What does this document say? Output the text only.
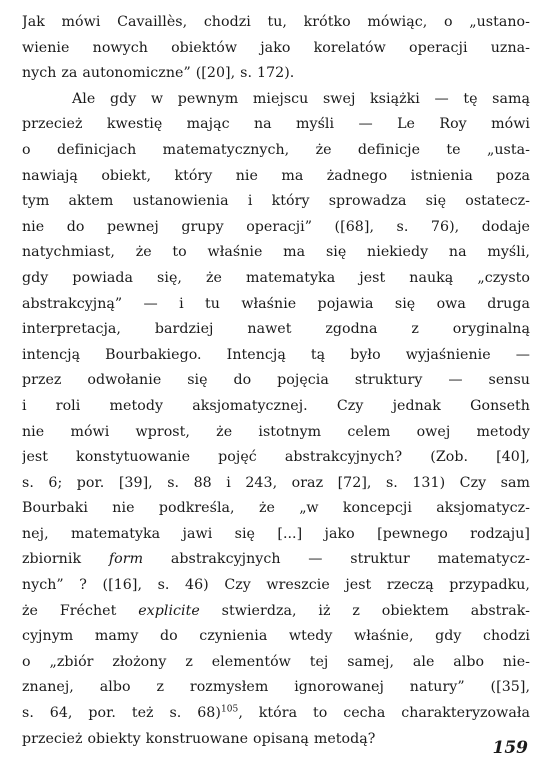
Jak mówi Cavaillès, chodzi tu, krótko mówiąc, o „ustano-
wienie nowych obiektów jako korelatów operacji uzna-
nych za autonomiczne” ([20], s. 172).

Ale gdy w pewnym miejscu swej książki — tę samą
przecież kwestię mając na myśli — Le Roy mówi
o definicjach matematycznych, że definicje te „usta-
nawiają obiekt, który nie ma żadnego istnienia poza
tym aktem ustanowienia i który sprowadza się ostatecz-
nie do pewnej grupy operacji” ([68], s. 76), dodaje
natychmiast, że to właśnie ma się niekiedy na myśli,
gdy powiada się, że matematyka jest nauką „czysto
abstrakcyjną” — i tu właśnie pojawia się owa druga
interpretacja, bardziej nawet zgodna z oryginalną
intencją Bourbakiego. Intencją tą było wyjaśnienie —
przez odwołanie się do pojęcia struktury — sensu
i roli metody aksjomatycznej. Czy jednak Gonseth
nie mówi wprost, że istotnym celem owej metody
jest konstytuowanie pojęć abstrakcyjnych? (Zob. [40],
s. 6; por. [39], s. 88 i 243, oraz [72], s. 131) Czy sam
Bourbaki nie podkreśla, że „w koncepcji aksjomatycz-
nej, matematyka jawi się [...] jako [pewnego rodzaju]
zbiornik form abstrakcyjnych — struktur matematycz-
nych” ? ([16], s. 46) Czy wreszcie jest rzeczą przypadku,
że Fréchet explicite stwierdza, iż z obiektem abstrak-
cyjnym mamy do czynienia wtedy właśnie, gdy chodzi
o „zbiór złożony z elementów tej samej, ale albo nie-
znanej, albo z rozmysłem ignorowanej natury” ([35],
s. 64, por. też s. 68)$^{105}$, która to cecha charakteryzowała
przecież obiekty konstruowane opisaną metodą?	159
